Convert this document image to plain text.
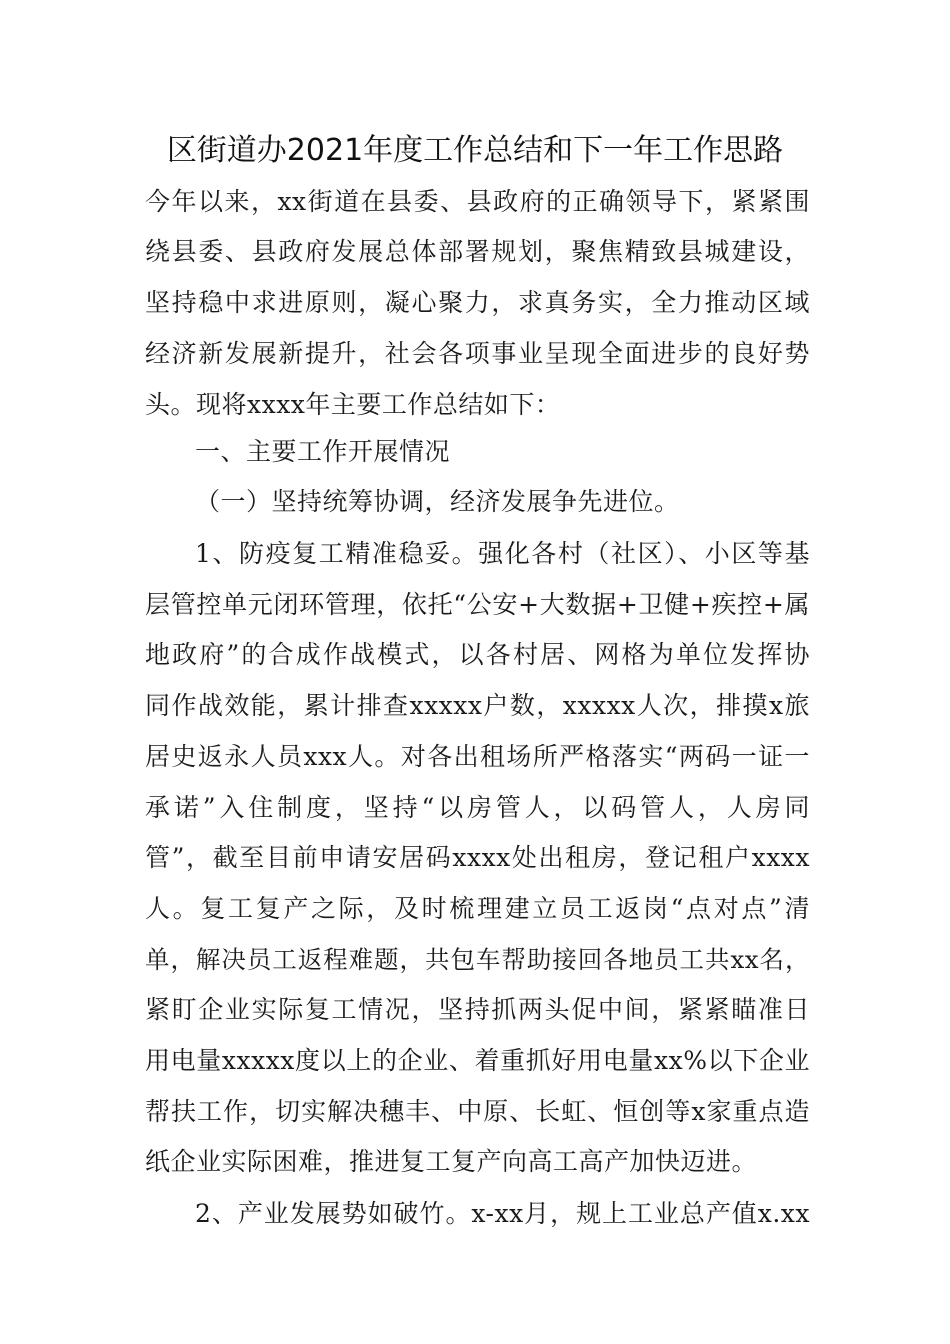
区街道办2021年度工作总结和下一年工作思路
今年以来，xx街道在县委、县政府的正确领导下，紧紧围
绕县委、县政府发展总体部署规划，聚焦精致县城建设，
坚持稳中求进原则，凝心聚力，求真务实，全力推动区域
经济新发展新提升，社会各项事业呈现全面进步的良好势
头。现将xxxx年主要工作总结如下：
一、主要工作开展情况
（一）坚持统筹协调，经济发展争先进位。
1、防疫复工精准稳妥。强化各村（社区）、小区等基
层管控单元闭环管理，依托“公安+大数据+卫健+疾控+属
地政府”的合成作战模式，以各村居、网格为单位发挥协
同作战效能，累计排查xxxxx户数，xxxxx人次，排摸x旅
居史返永人员xxx人。对各出租场所严格落实“两码一证一
承诺”入住制度，坚持“以房管人，以码管人，人房同
管”，截至目前申请安居码xxxx处出租房，登记租户xxxx
人。复工复产之际，及时梳理建立员工返岗“点对点”清
单，解决员工返程难题，共包车帮助接回各地员工共xx名，
紧盯企业实际复工情况，坚持抓两头促中间，紧紧瞄准日
用电量xxxxx度以上的企业、着重抓好用电量xx%以下企业
帮扶工作，切实解决穗丰、中原、长虹、恒创等x家重点造
纸企业实际困难，推进复工复产向高工高产加快迈进。
2、产业发展势如破竹。x-xx月，规上工业总产值x.xx
